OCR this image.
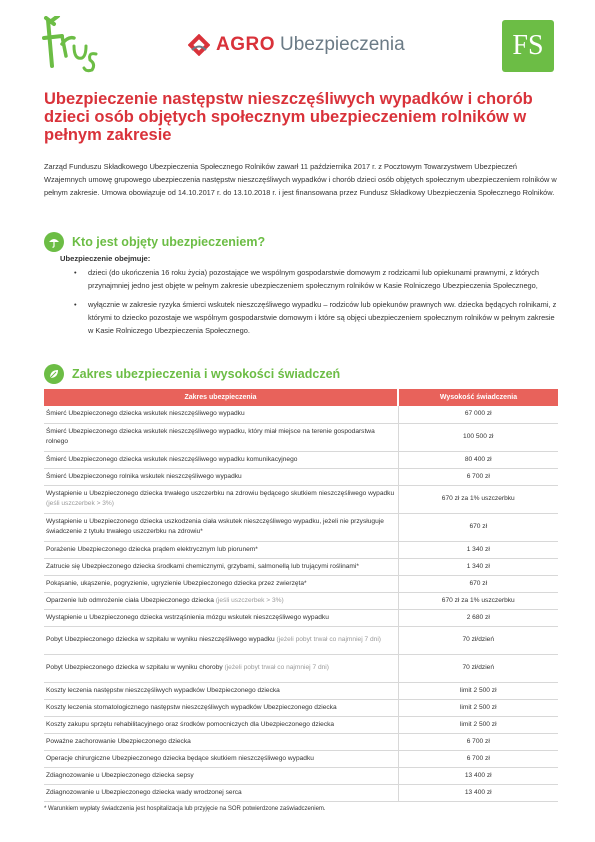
AGRO Ubezpieczenia	FS
Ubezpieczenie następstw nieszczęśliwych wypadków i chorób dzieci osób objętych społecznym ubezpieczeniem rolników w pełnym zakresie

Zarząd Funduszu Składkowego Ubezpieczenia Społecznego Rolników zawarł 11 października 2017 r. z Pocztowym Towarzystwem Ubezpieczeń Wzajemnych umowę grupowego ubezpieczenia następstw nieszczęśliwych wypadków i chorób dzieci osób objętych społecznym ubezpieczeniem rolników w pełnym zakresie. Umowa obowiązuje od 14.10.2017 r. do 13.10.2018 r. i jest finansowana przez Fundusz Składkowy Ubezpieczenia Społecznego Rolników.

Kto jest objęty ubezpieczeniem?
Ubezpieczenie obejmuje:
• dzieci (do ukończenia 16 roku życia) pozostające we wspólnym gospodarstwie domowym z rodzicami lub opiekunami prawnymi, z których przynajmniej jedno jest objęte w pełnym zakresie ubezpieczeniem społecznym rolników w Kasie Rolniczego Ubezpieczenia Społecznego,
• wyłącznie w zakresie ryzyka śmierci wskutek nieszczęśliwego wypadku – rodziców lub opiekunów prawnych ww. dziecka będących rolnikami, z którymi to dziecko pozostaje we wspólnym gospodarstwie domowym i które są objęci ubezpieczeniem społecznym rolników w pełnym zakresie w Kasie Rolniczego Ubezpieczenia Społecznego.
Zakres ubezpieczenia i wysokości świadczeń
Zakres ubezpieczenia	Wysokość świadczenia
Śmierć Ubezpieczonego dziecka wskutek nieszczęśliwego wypadku	67 000 zł
Śmierć Ubezpieczonego dziecka wskutek nieszczęśliwego wypadku, który miał miejsce na terenie gospodarstwa rolnego	100 500 zł
Śmierć Ubezpieczonego dziecka wskutek nieszczęśliwego wypadku komunikacyjnego	80 400 zł
Śmierć Ubezpieczonego rolnika wskutek nieszczęśliwego wypadku	6 700 zł
Wystąpienie u Ubezpieczonego dziecka trwałego uszczerbku na zdrowiu będącego skutkiem nieszczęśliwego wypadku (jeśli uszczerbek > 3%)	670 zł za 1% uszczerbku
Wystąpienie u Ubezpieczonego dziecka uszkodzenia ciała wskutek nieszczęśliwego wypadku, jeżeli nie przysługuje świadczenie z tytułu trwałego uszczerbku na zdrowiu*	670 zł
Porażenie Ubezpieczonego dziecka prądem elektrycznym lub piorunem*	1 340 zł
Zatrucie się Ubezpieczonego dziecka środkami chemicznymi, grzybami, salmonellą lub trującymi roślinami*	1 340 zł
Pokąsanie, ukąszenie, pogryzienie, ugryzienie Ubezpieczonego dziecka przez zwierzęta*	670 zł
Oparzenie lub odmrożenie ciała Ubezpieczonego dziecka (jeśli uszczerbek > 3%)	670 zł za 1% uszczerbku
Wystąpienie u Ubezpieczonego dziecka wstrząśnienia mózgu wskutek nieszczęśliwego wypadku	2 680 zł
Pobyt Ubezpieczonego dziecka w szpitalu w wyniku nieszczęśliwego wypadku (jeżeli pobyt trwał co najmniej 7 dni)	70 zł/dzień
Pobyt Ubezpieczonego dziecka w szpitalu w wyniku choroby (jeżeli pobyt trwał co najmniej 7 dni)	70 zł/dzień
Koszty leczenia następstw nieszczęśliwych wypadków Ubezpieczonego dziecka	limit 2 500 zł
Koszty leczenia stomatologicznego następstw nieszczęśliwych wypadków Ubezpieczonego dziecka	limit 2 500 zł
Koszty zakupu sprzętu rehabilitacyjnego oraz środków pomocniczych dla Ubezpieczonego dziecka	limit 2 500 zł
Poważne zachorowanie Ubezpieczonego dziecka	6 700 zł
Operacje chirurgiczne Ubezpieczonego dziecka będące skutkiem nieszczęśliwego wypadku	6 700 zł
Zdiagnozowanie u Ubezpieczonego dziecka sepsy	13 400 zł
Zdiagnozowanie u Ubezpieczonego dziecka wady wrodzonej serca	13 400 zł
* Warunkiem wypłaty świadczenia jest hospitalizacja lub przyjęcie na SOR potwierdzone zaświadczeniem.
